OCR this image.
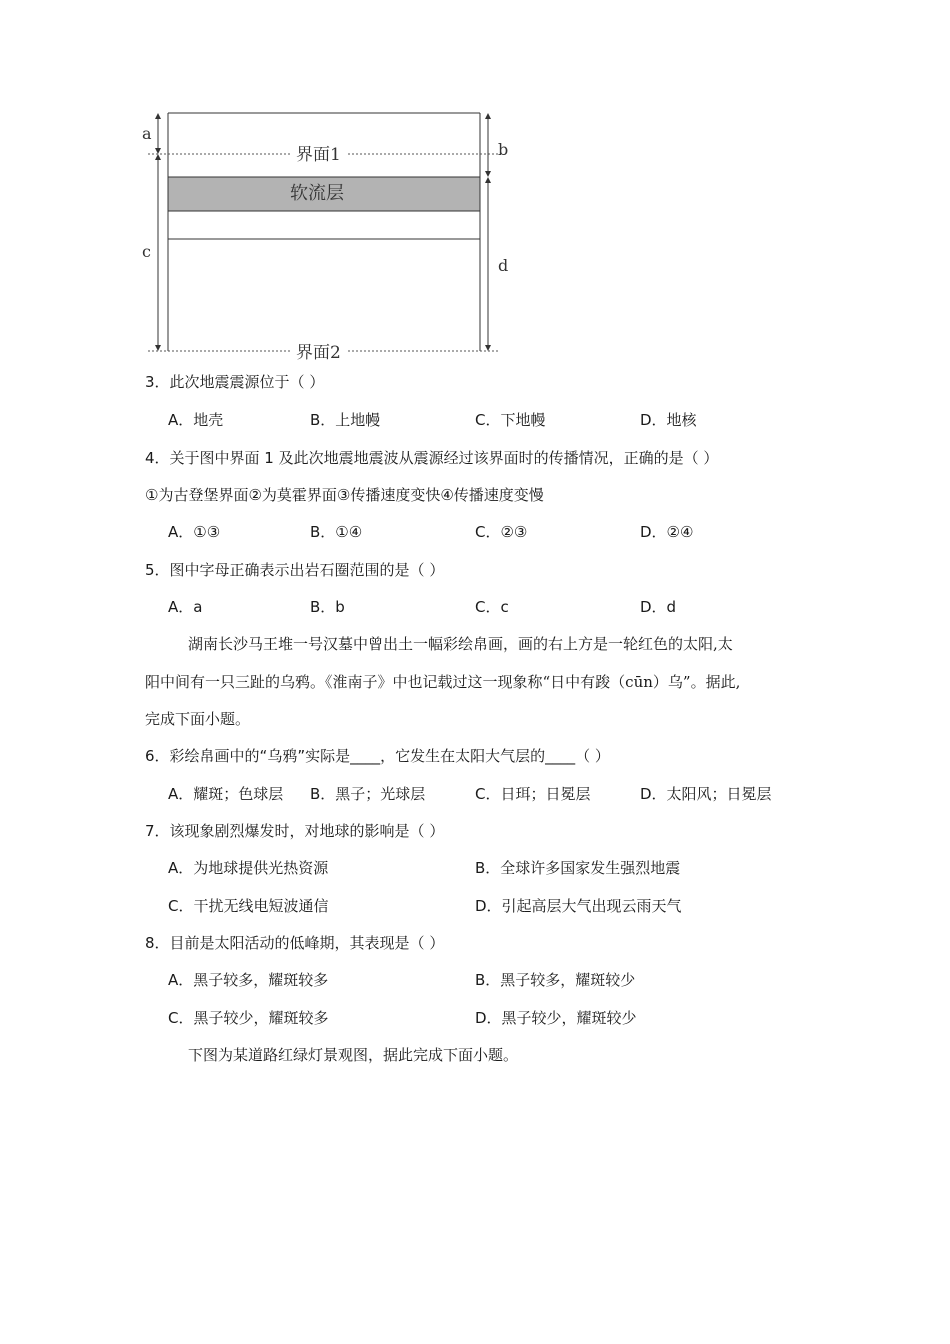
a
b
c
d
界面1
界面2
软流层
3．此次地震震源位于（ ）
A．地壳	B．上地幔	C．下地幔	D．地核
4．关于图中界面 1 及此次地震地震波从震源经过该界面时的传播情况，正确的是（ ）
①为古登堡界面②为莫霍界面③传播速度变快④传播速度变慢
A．①③	B．①④	C．②③	D．②④
5．图中字母正确表示出岩石圈范围的是（ ）
A．a	B．b	C．c	D．d
湖南长沙马王堆一号汉墓中曾出土一幅彩绘帛画，画的右上方是一轮红色的太阳,太
阳中间有一只三趾的乌鸦。《淮南子》中也记载过这一现象称“日中有踆（cūn）乌”。据此,
完成下面小题。
6．彩绘帛画中的“乌鸦”实际是____，它发生在太阳大气层的____（ ）
A．耀斑；色球层 B．黑子；光球层	C．日珥；日冕层	D．太阳风；日冕层
7．该现象剧烈爆发时，对地球的影响是（ ）
A．为地球提供光热资源	B．全球许多国家发生强烈地震
C．干扰无线电短波通信	D．引起高层大气出现云雨天气
8．目前是太阳活动的低峰期，其表现是（ ）
A．黑子较多，耀斑较多	B．黑子较多，耀斑较少
C．黑子较少，耀斑较多	D．黑子较少，耀斑较少
下图为某道路红绿灯景观图，据此完成下面小题。
